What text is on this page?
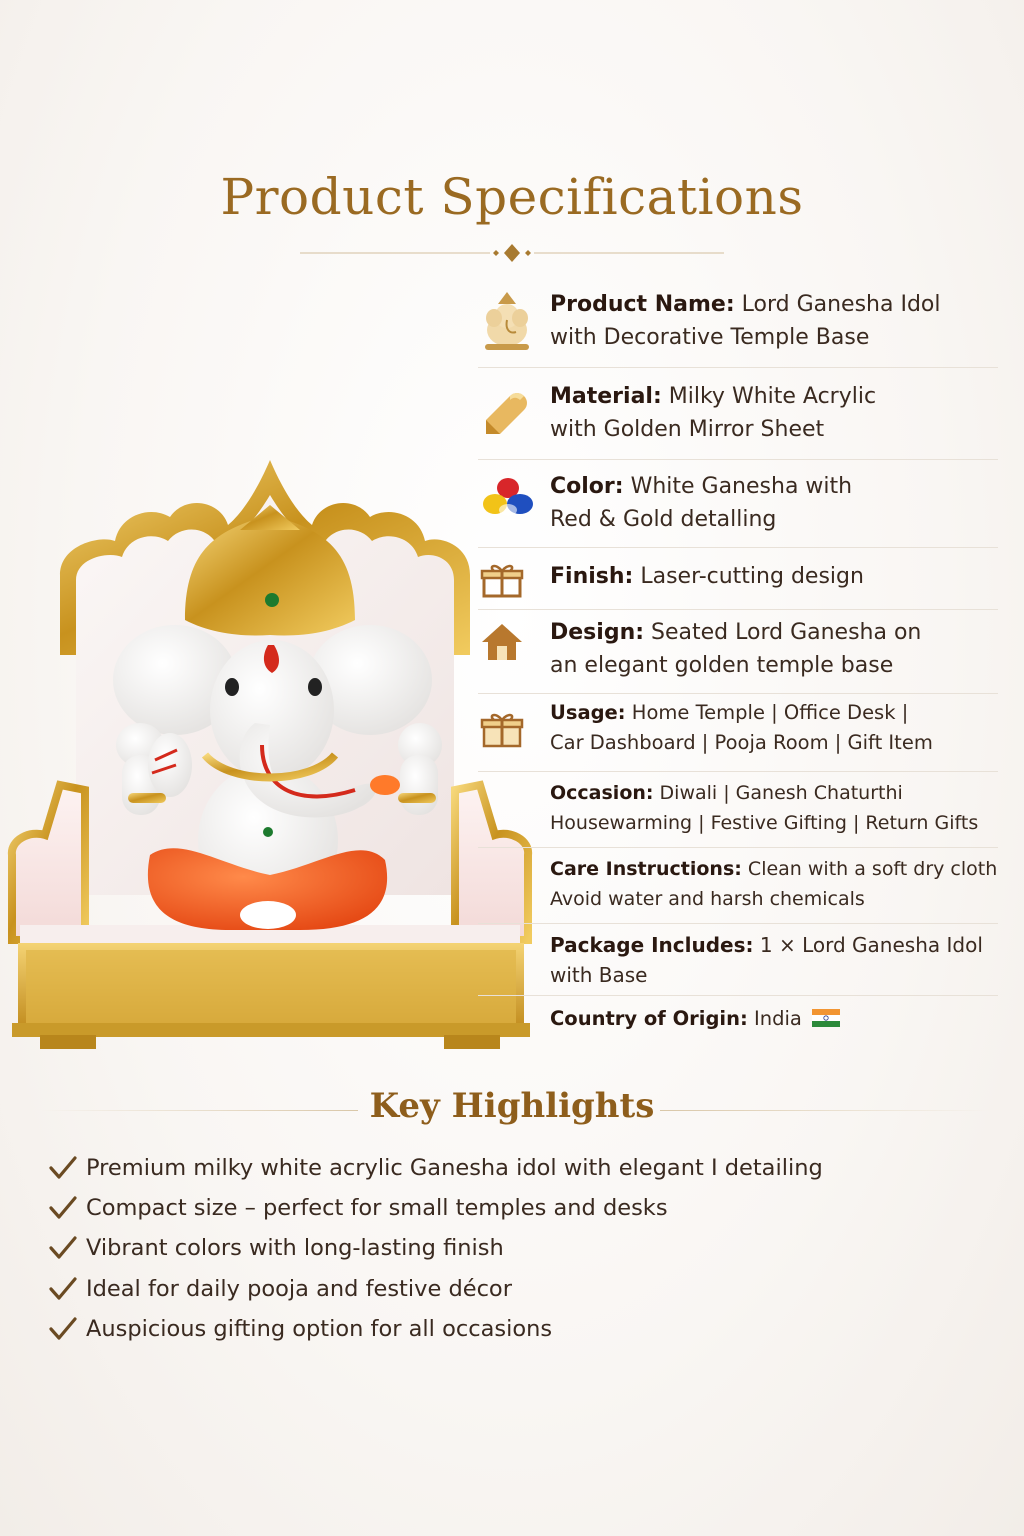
Product Specifications
Product Name: Lord Ganesha Idol
with Decorative Temple Base
Material: Milky White Acrylic
with Golden Mirror Sheet
Color: White Ganesha with
Red & Gold detalling
Finish: Laser-cutting design
Design: Seated Lord Ganesha on
an elegant golden temple base
Usage: Home Temple | Office Desk |
Car Dashboard | Pooja Room | Gift Item
Occasion: Diwali | Ganesh Chaturthi
Housewarming | Festive Gifting | Return Gifts
Care Instructions: Clean with a soft dry cloth
Avoid water and harsh chemicals
Package Includes: 1 × Lord Ganesha Idol
with Base
Country of Origin: India
Key Highlights
Premium milky white acrylic Ganesha idol with elegant I detailing
Compact size – perfect for small temples and desks
Vibrant colors with long-lasting finish
Ideal for daily pooja and festive décor
Auspicious gifting option for all occasions
